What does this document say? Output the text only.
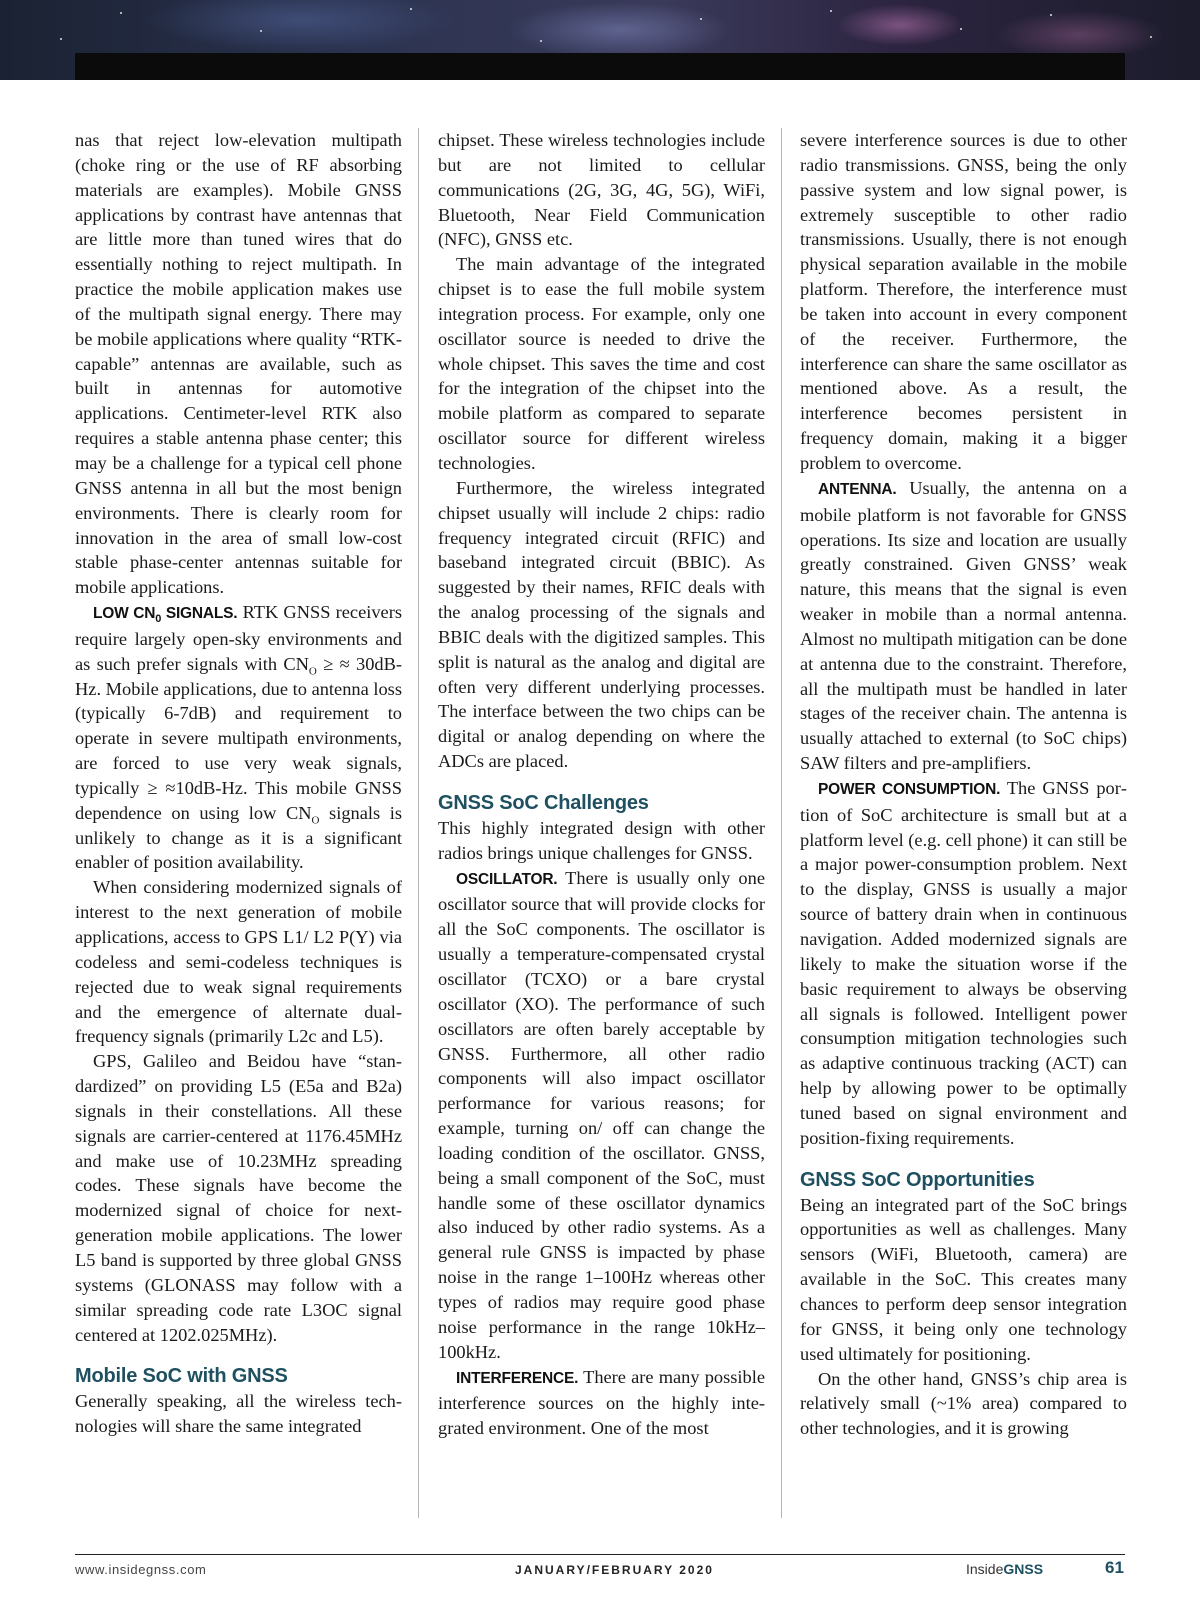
nas that reject low-elevation multipath (choke ring or the use of RF absorbing materials are examples). Mobile GNSS applications by contrast have antennas that are little more than tuned wires that do essentially nothing to reject multipath. In practice the mobile application makes use of the multipath signal energy. There may be mobile applications where quality “RTK-capable” antennas are available, such as built in antennas for automotive applications. Centimeter-level RTK also requires a stable antenna phase center; this may be a challenge for a typical cell phone GNSS antenna in all but the most benign environments. There is clearly room for innovation in the area of small low-cost stable phase-center antennas suitable for mobile applications.

LOW $CN_0$ SIGNALS. RTK GNSS receivers require largely open-sky environments and as such prefer signals with $CN_O$ ≥ ≈ 30dB-Hz. Mobile applications, due to antenna loss (typically 6-7dB) and requirement to operate in severe multipath environments, are forced to use very weak signals, typically ≥ ≈10dB-Hz. This mobile GNSS dependence on using low $CN_O$ signals is unlikely to change as it is a significant enabler of position availability.

When considering modernized signals of interest to the next generation of mobile applications, access to GPS L1/ L2 P(Y) via codeless and semi-codeless techniques is rejected due to weak signal requirements and the emergence of alternate dual-frequency signals (primarily L2c and L5).

GPS, Galileo and Beidou have “standardized” on providing L5 (E5a and B2a) signals in their constellations. All these signals are carrier-centered at 1176.45MHz and make use of 10.23MHz spreading codes. These signals have become the modernized signal of choice for next-generation mobile applications. The lower L5 band is supported by three global GNSS systems (GLONASS may follow with a similar spreading code rate L3OC signal centered at 1202.025MHz).

Mobile SoC with GNSS

Generally speaking, all the wireless technologies will share the same integrated

chipset. These wireless technologies include but are not limited to cellular communications (2G, 3G, 4G, 5G), WiFi, Bluetooth, Near Field Communication (NFC), GNSS etc.

The main advantage of the integrated chipset is to ease the full mobile system integration process. For example, only one oscillator source is needed to drive the whole chipset. This saves the time and cost for the integration of the chipset into the mobile platform as compared to separate oscillator source for different wireless technologies.

Furthermore, the wireless integrated chipset usually will include 2 chips: radio frequency integrated circuit (RFIC) and baseband integrated circuit (BBIC). As suggested by their names, RFIC deals with the analog processing of the signals and BBIC deals with the digitized samples. This split is natural as the analog and digital are often very different underlying processes. The interface between the two chips can be digital or analog depending on where the ADCs are placed.

GNSS SoC Challenges

This highly integrated design with other radios brings unique challenges for GNSS.

OSCILLATOR. There is usually only one oscillator source that will provide clocks for all the SoC components. The oscillator is usually a temperature-compensated crystal oscillator (TCXO) or a bare crystal oscillator (XO). The performance of such oscillators are often barely acceptable by GNSS. Furthermore, all other radio components will also impact oscillator performance for various reasons; for example, turning on/ off can change the loading condition of the oscillator. GNSS, being a small component of the SoC, must handle some of these oscillator dynamics also induced by other radio systems. As a general rule GNSS is impacted by phase noise in the range 1–100Hz whereas other types of radios may require good phase noise performance in the range 10kHz–100kHz.

INTERFERENCE. There are many possible interference sources on the highly integrated environment. One of the most

severe interference sources is due to other radio transmissions. GNSS, being the only passive system and low signal power, is extremely susceptible to other radio transmissions. Usually, there is not enough physical separation available in the mobile platform. Therefore, the interference must be taken into account in every component of the receiver. Furthermore, the interference can share the same oscillator as mentioned above. As a result, the interference becomes persistent in frequency domain, making it a bigger problem to overcome.

ANTENNA. Usually, the antenna on a mobile platform is not favorable for GNSS operations. Its size and location are usually greatly constrained. Given GNSS’ weak nature, this means that the signal is even weaker in mobile than a normal antenna. Almost no multipath mitigation can be done at antenna due to the constraint. Therefore, all the multipath must be handled in later stages of the receiver chain. The antenna is usually attached to external (to SoC chips) SAW filters and pre-amplifiers.

POWER CONSUMPTION. The GNSS portion of SoC architecture is small but at a platform level (e.g. cell phone) it can still be a major power-consumption problem. Next to the display, GNSS is usually a major source of battery drain when in continuous navigation. Added modernized signals are likely to make the situation worse if the basic requirement to always be observing all signals is followed. Intelligent power consumption mitigation technologies such as adaptive continuous tracking (ACT) can help by allowing power to be optimally tuned based on signal environment and position-fixing requirements.

GNSS SoC Opportunities

Being an integrated part of the SoC brings opportunities as well as challenges. Many sensors (WiFi, Bluetooth, camera) are available in the SoC. This creates many chances to perform deep sensor integration for GNSS, it being only one technology used ultimately for positioning.

On the other hand, GNSS’s chip area is relatively small (~1% area) compared to other technologies, and it is growing

www.insidegnss.com	JANUARY/FEBRUARY 2020	InsideGNSS	61
